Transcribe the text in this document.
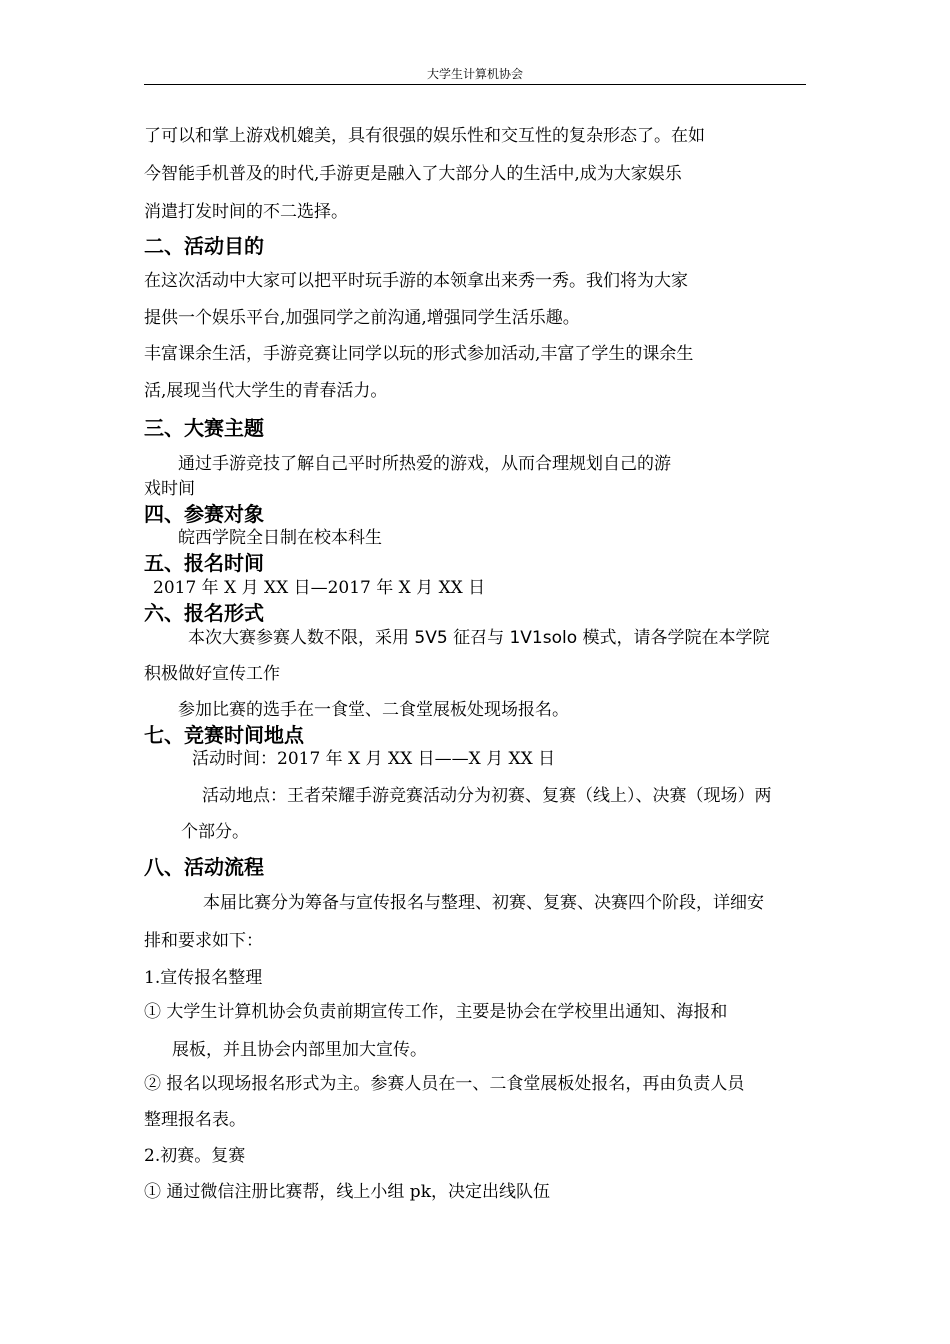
大学生计算机协会
了可以和掌上游戏机媲美，具有很强的娱乐性和交互性的复杂形态了。在如
今智能手机普及的时代,手游更是融入了大部分人的生活中,成为大家娱乐
消遣打发时间的不二选择。
二、活动目的
在这次活动中大家可以把平时玩手游的本领拿出来秀一秀。我们将为大家
提供一个娱乐平台,加强同学之前沟通,增强同学生活乐趣。
丰富课余生活，手游竞赛让同学以玩的形式参加活动,丰富了学生的课余生
活,展现当代大学生的青春活力。
三、大赛主题
通过手游竞技了解自己平时所热爱的游戏，从而合理规划自己的游
戏时间
四、参赛对象
皖西学院全日制在校本科生
五、报名时间
2017 年 X 月 XX 日—2017 年 X 月 XX 日
六、报名形式
本次大赛参赛人数不限，采用 5V5 征召与 1V1solo 模式，请各学院在本学院
积极做好宣传工作
参加比赛的选手在一食堂、二食堂展板处现场报名。
七、竞赛时间地点
活动时间：2017 年 X 月 XX 日——X 月 XX 日
活动地点：王者荣耀手游竞赛活动分为初赛、复赛（线上）、决赛（现场）两
个部分。
八、活动流程
本届比赛分为筹备与宣传报名与整理、初赛、复赛、决赛四个阶段，详细安
排和要求如下：
1.宣传报名整理
① 大学生计算机协会负责前期宣传工作，主要是协会在学校里出通知、海报和
展板，并且协会内部里加大宣传。
② 报名以现场报名形式为主。参赛人员在一、二食堂展板处报名，再由负责人员
整理报名表。
2.初赛。复赛
① 通过微信注册比赛帮，线上小组 pk，决定出线队伍
